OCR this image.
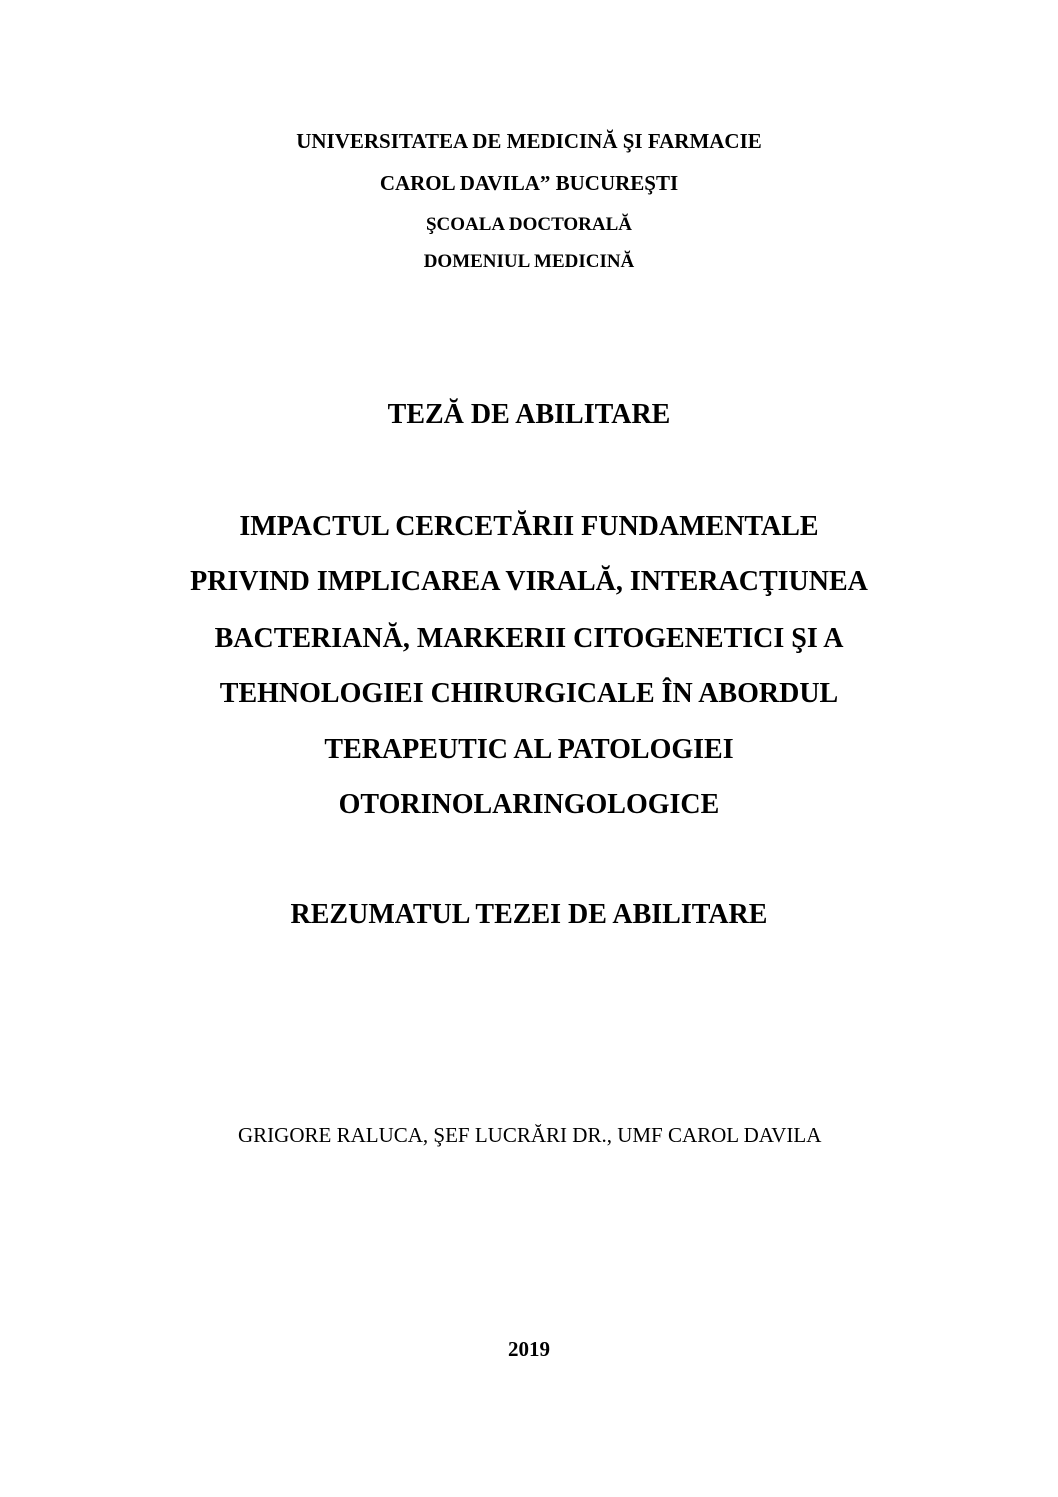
UNIVERSITATEA DE MEDICINĂ ŞI FARMACIE
CAROL DAVILA” BUCUREŞTI
ŞCOALA DOCTORALĂ
DOMENIUL MEDICINĂ
TEZĂ DE ABILITARE
IMPACTUL CERCETĂRII FUNDAMENTALE
PRIVIND IMPLICAREA VIRALĂ, INTERACŢIUNEA
BACTERIANĂ, MARKERII CITOGENETICI ŞI A
TEHNOLOGIEI CHIRURGICALE ÎN ABORDUL
TERAPEUTIC AL PATOLOGIEI
OTORINOLARINGOLOGICE
REZUMATUL TEZEI DE ABILITARE
GRIGORE RALUCA, ŞEF LUCRĂRI DR., UMF CAROL DAVILA
2019
